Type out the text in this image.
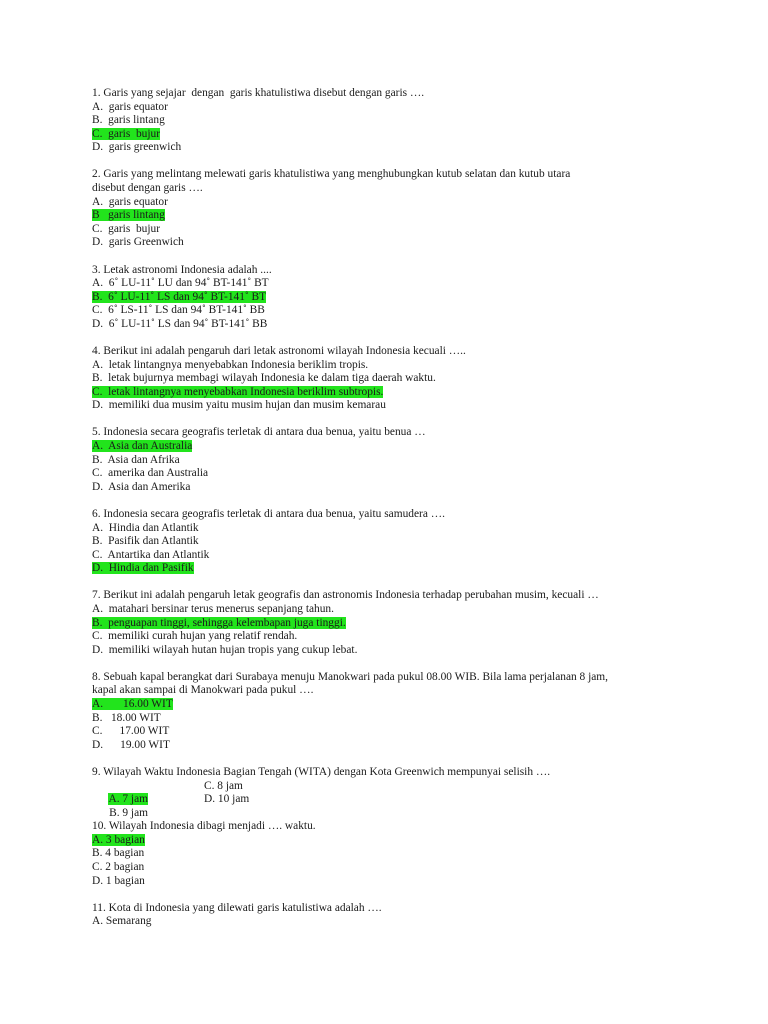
1. Garis yang sejajar  dengan  garis khatulistiwa disebut dengan garis ….
A.  garis equator
B.  garis lintang
C.  garis  bujur
D.  garis greenwich
2. Garis yang melintang melewati garis khatulistiwa yang menghubungkan kutub selatan dan kutub utara
disebut dengan garis ….
A.  garis equator
B   garis lintang
C.  garis  bujur
D.  garis Greenwich
3. Letak astronomi Indonesia adalah ....
A.  6˚ LU-11˚ LU dan 94˚ BT-141˚ BT
B.  6˚ LU-11˚ LS dan 94˚ BT-141˚ BT
C.  6˚ LS-11˚ LS dan 94˚ BT-141˚ BB
D.  6˚ LU-11˚ LS dan 94˚ BT-141˚ BB
4. Berikut ini adalah pengaruh dari letak astronomi wilayah Indonesia kecuali …..
A.  letak lintangnya menyebabkan Indonesia beriklim tropis.
B.  letak bujurnya membagi wilayah Indonesia ke dalam tiga daerah waktu.
C.  letak lintangnya menyebabkan Indonesia beriklim subtropis.
D.  memiliki dua musim yaitu musim hujan dan musim kemarau
5. Indonesia secara geografis terletak di antara dua benua, yaitu benua …
A.  Asia dan Australia
B.  Asia dan Afrika
C.  amerika dan Australia
D.  Asia dan Amerika
6. Indonesia secara geografis terletak di antara dua benua, yaitu samudera ….
A.  Hindia dan Atlantik
B.  Pasifik dan Atlantik
C.  Antartika dan Atlantik
D.  Hindia dan Pasifik
7. Berikut ini adalah pengaruh letak geografis dan astronomis Indonesia terhadap perubahan musim, kecuali …
A.  matahari bersinar terus menerus sepanjang tahun.
B.  penguapan tinggi, sehingga kelembapan juga tinggi.
C.  memiliki curah hujan yang relatif rendah.
D.  memiliki wilayah hutan hujan tropis yang cukup lebat.
8. Sebuah kapal berangkat dari Surabaya menuju Manokwari pada pukul 08.00 WIB. Bila lama perjalanan 8 jam,
kapal akan sampai di Manokwari pada pukul ….
A.       16.00 WIT
B.   18.00 WIT
C.      17.00 WIT
D.      19.00 WIT
9. Wilayah Waktu Indonesia Bagian Tengah (WITA) dengan Kota Greenwich mempunyai selisih ….

A. 7 jam

C. 8 jam

B. 9 jam

D. 10 jam

10. Wilayah Indonesia dibagi menjadi …. waktu.
A. 3 bagian
B. 4 bagian
C. 2 bagian
D. 1 bagian
11. Kota di Indonesia yang dilewati garis katulistiwa adalah ….
A. Semarang
